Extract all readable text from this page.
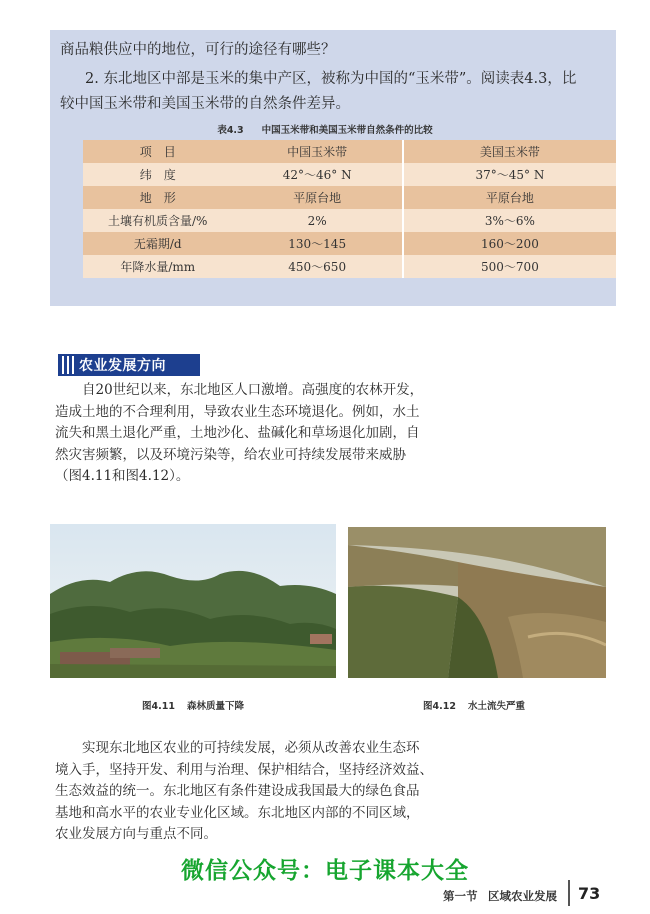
商品粮供应中的地位，可行的途径有哪些？
2. 东北地区中部是玉米的集中产区，被称为中国的“玉米带”。阅读表4.3，比
较中国玉米带和美国玉米带的自然条件差异。
表4.3 中国玉米带和美国玉米带自然条件的比较
项　目	中国玉米带	美国玉米带
纬　度	42°～46° N	37°～45° N
地　形	平原台地	平原台地
土壤有机质含量/%	2%	3%～6%
无霜期/d	130～145	160～200
年降水量/mm	450～650	500～700
农业发展方向
　　自20世纪以来，东北地区人口激增。高强度的农林开发，
造成土地的不合理利用，导致农业生态环境退化。例如，水土
流失和黑土退化严重，土地沙化、盐碱化和草场退化加剧，自
然灾害频繁，以及环境污染等，给农业可持续发展带来威胁
（图4.11和图4.12）。
图4.11 森林质量下降	图4.12 水土流失严重
　　实现东北地区农业的可持续发展，必须从改善农业生态环
境入手，坚持开发、利用与治理、保护相结合，坚持经济效益、
生态效益的统一。东北地区有条件建设成我国最大的绿色食品
基地和高水平的农业专业化区域。东北地区内部的不同区域，
农业发展方向与重点不同。
微信公众号：电子课本大全
第一节 区域农业发展 73
